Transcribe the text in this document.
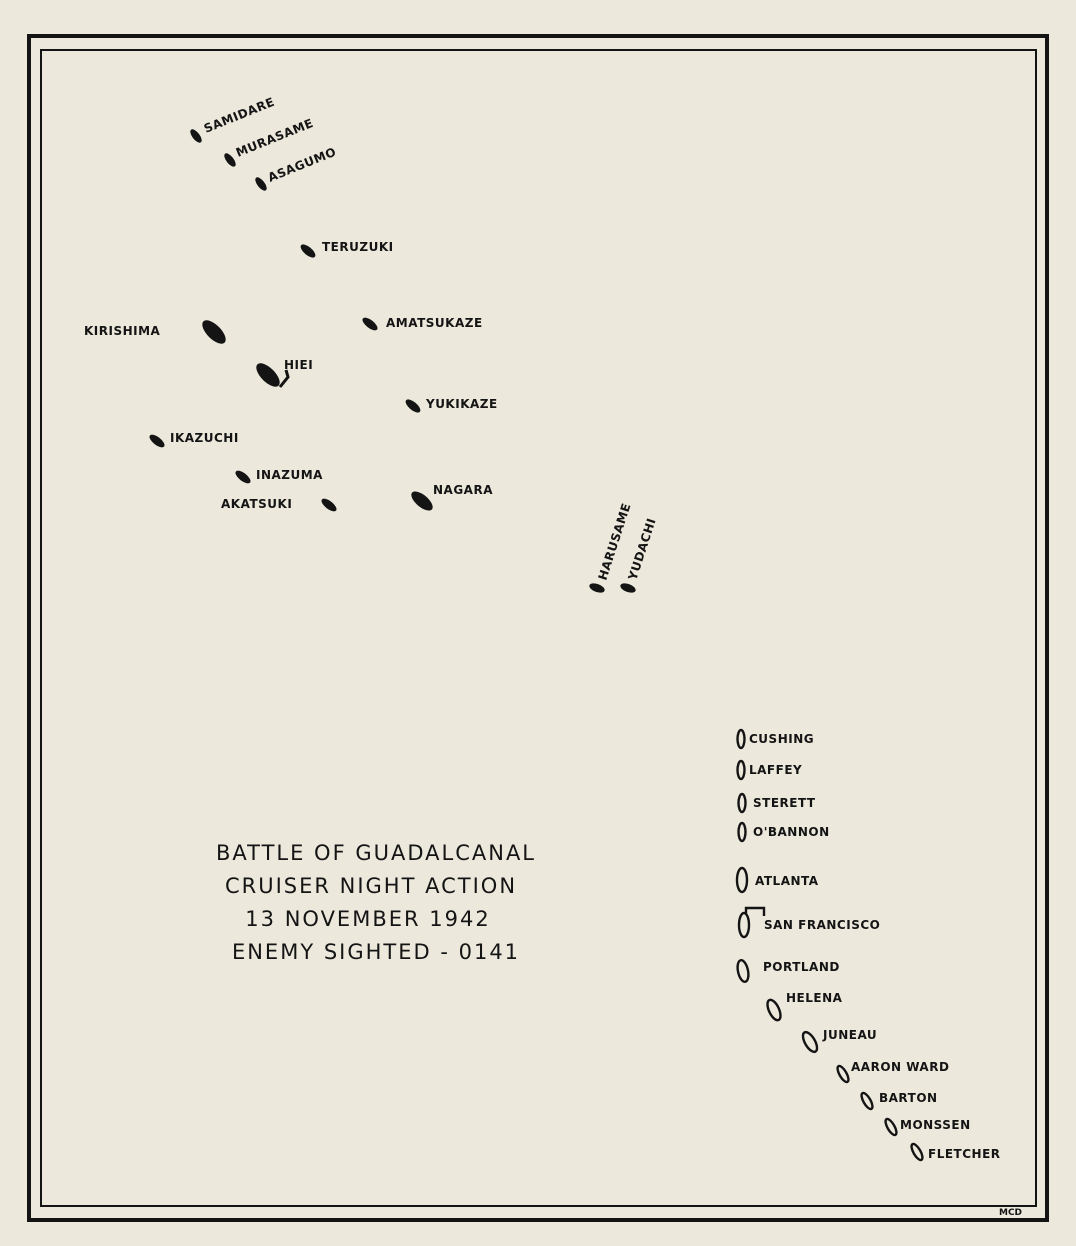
SAMIDARE
MURASAME
ASAGUMO
TERUZUKI
KIRISHIMA
AMATSUKAZE
HIEI
YUKIKAZE
IKAZUCHI
INAZUMA
AKATSUKI
NAGARA
HARUSAME
YUDACHI
CUSHING
LAFFEY
STERETT
O'BANNON
ATLANTA
SAN FRANCISCO
PORTLAND
HELENA
JUNEAU
AARON WARD
BARTON
MONSSEN
FLETCHER
BATTLE OF GUADALCANAL
CRUISER NIGHT ACTION
13 NOVEMBER 1942
ENEMY SIGHTED - 0141
MCD
